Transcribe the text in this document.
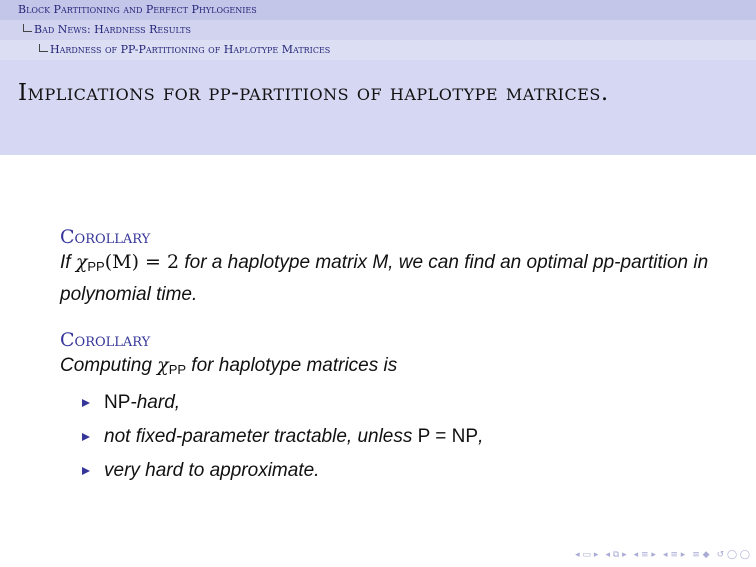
Block Partitioning and Perfect Phylogenies
Bad News: Hardness Results
Hardness of PP-Partitioning of Haplotype Matrices
Implications for pp-partitions of haplotype matrices.
Corollary
If $\chi_{PP}(M) = 2$ for a haplotype matrix M, we can find an optimal pp-partition in polynomial time.
Corollary
Computing $\chi_{PP}$ for haplotype matrices is
NP-hard,
not fixed-parameter tractable, unless P = NP,
very hard to approximate.
◂ ▭ ▸ ◂ ⧉ ▸ ◂ ≡ ▸ ◂ ≡ ▸ ≡ ◆ ↺ ◯ ◯
